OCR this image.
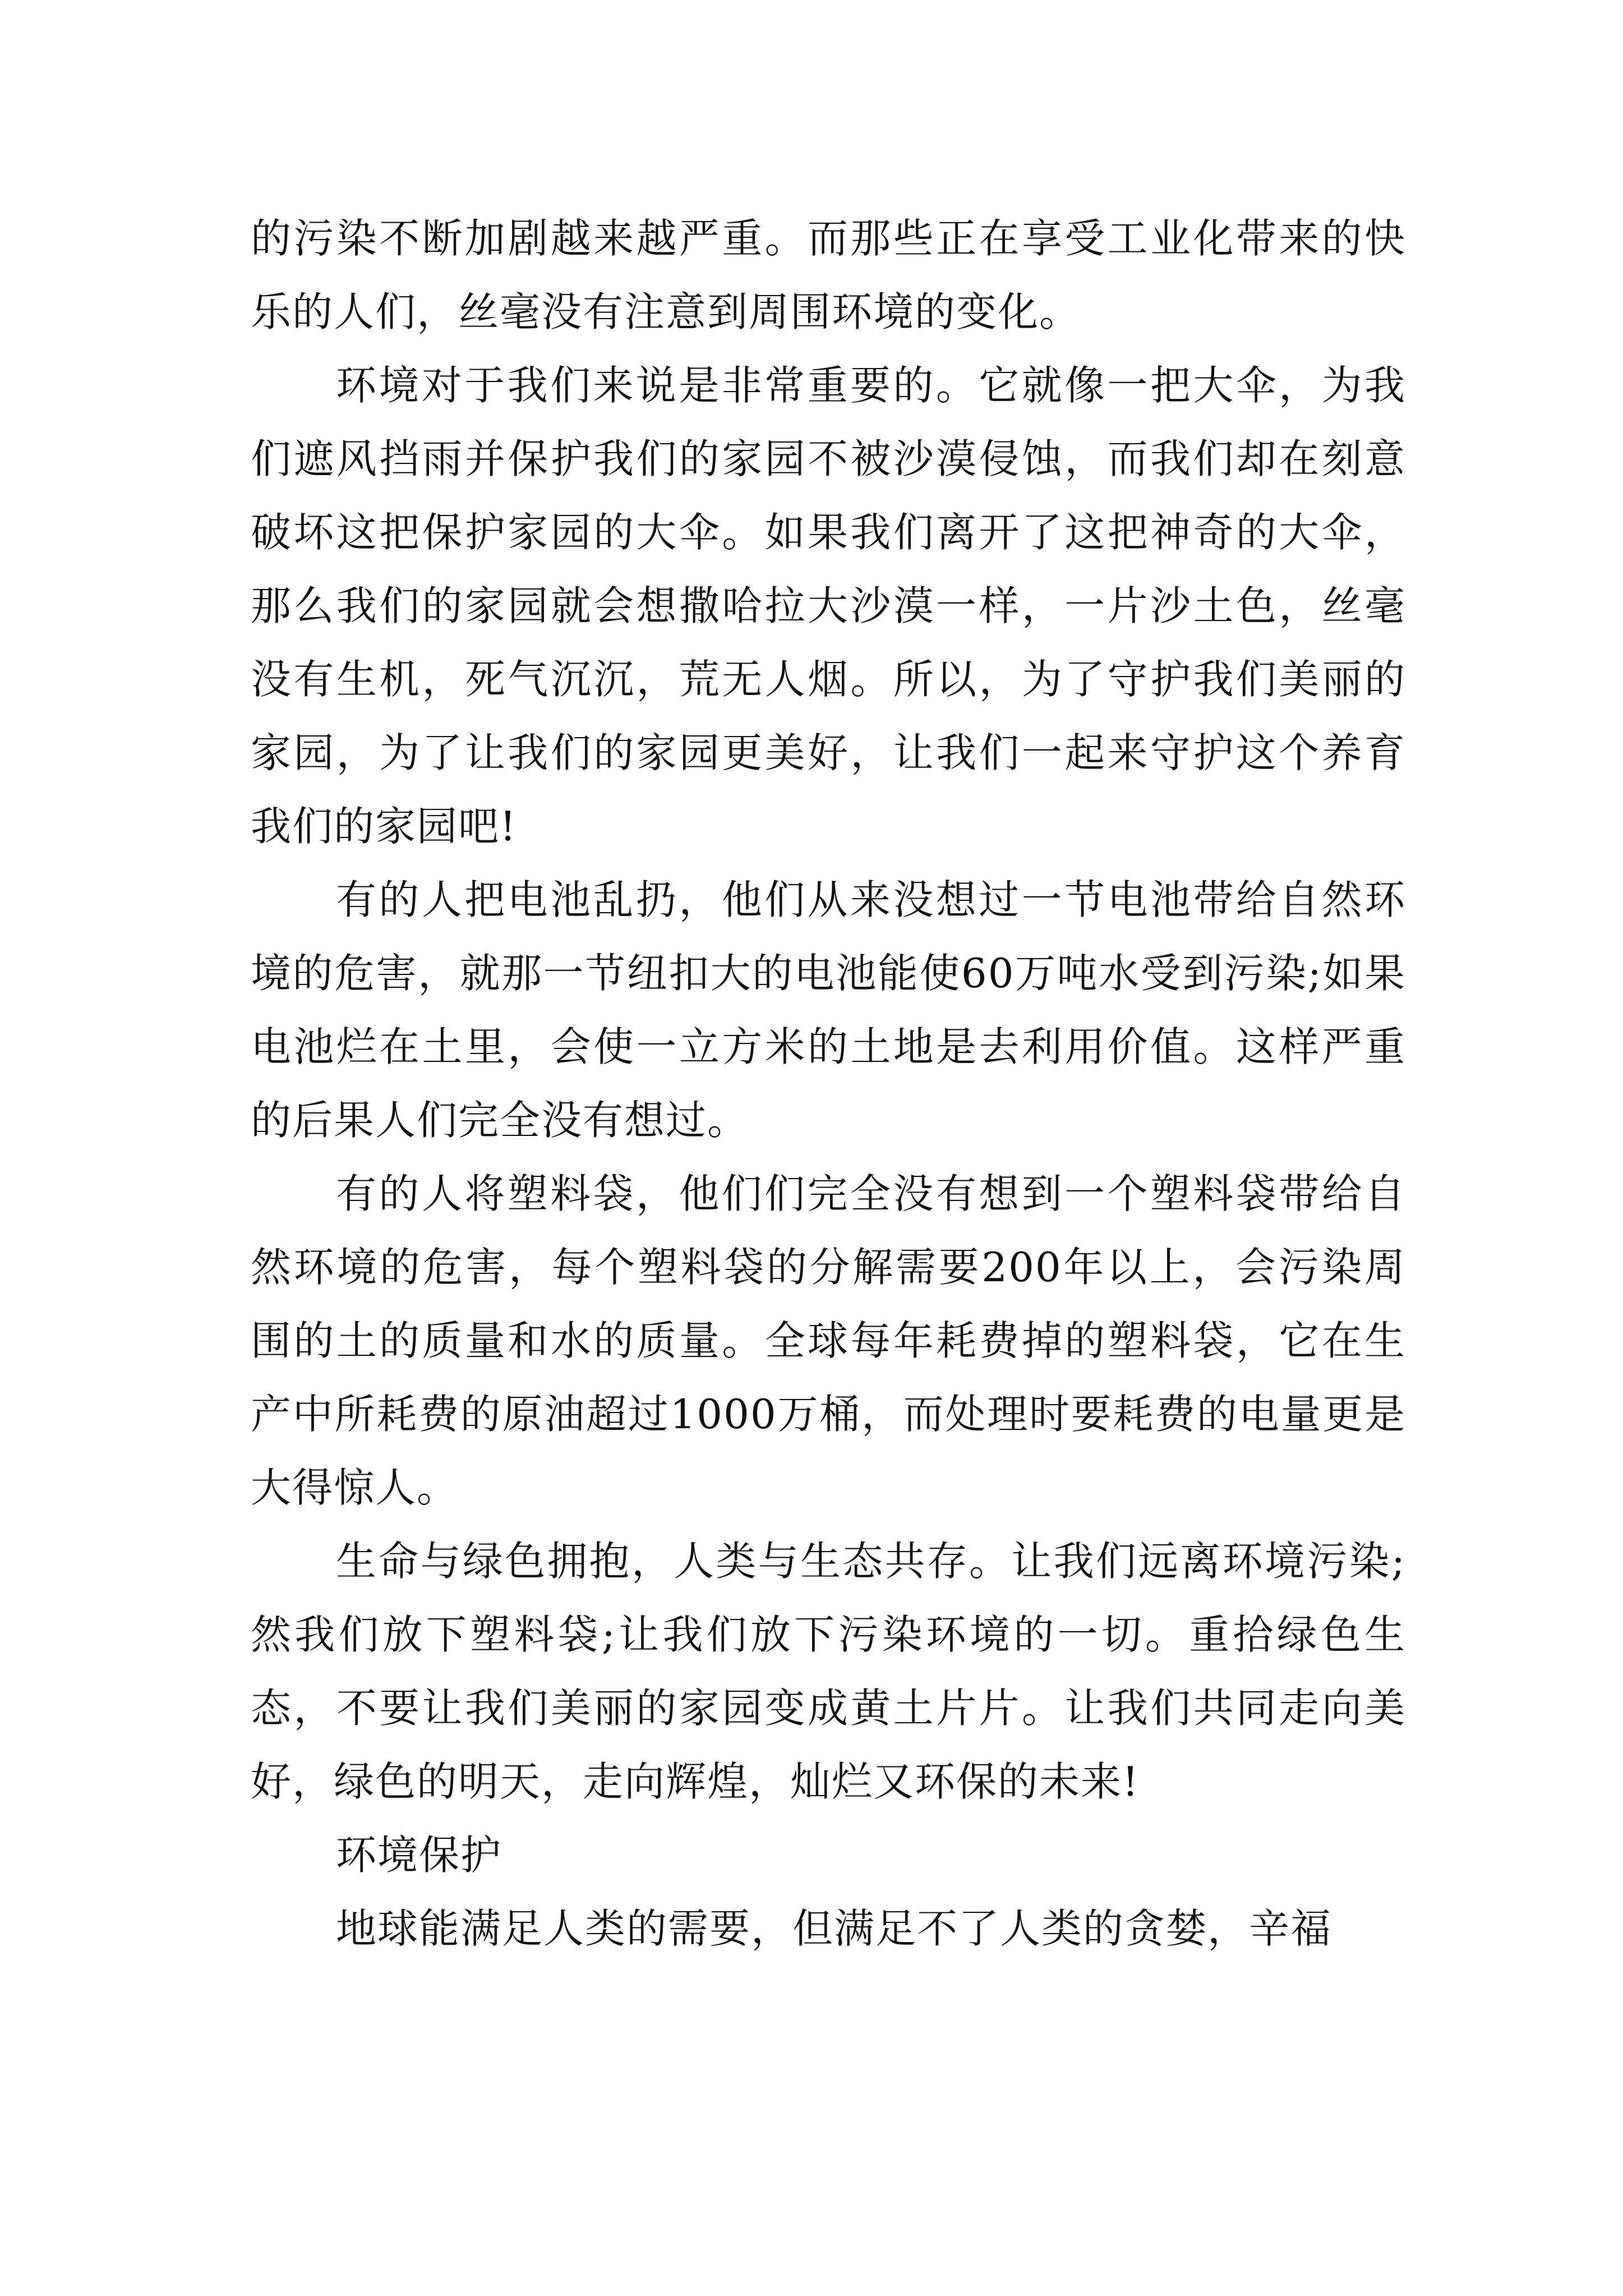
的污染不断加剧越来越严重。而那些正在享受工业化带来的快乐的人们，丝毫没有注意到周围环境的变化。

环境对于我们来说是非常重要的。它就像一把大伞，为我们遮风挡雨并保护我们的家园不被沙漠侵蚀，而我们却在刻意破坏这把保护家园的大伞。如果我们离开了这把神奇的大伞，那么我们的家园就会想撒哈拉大沙漠一样，一片沙土色，丝毫没有生机，死气沉沉，荒无人烟。所以，为了守护我们美丽的家园，为了让我们的家园更美好，让我们一起来守护这个养育我们的家园吧!

有的人把电池乱扔，他们从来没想过一节电池带给自然环境的危害，就那一节纽扣大的电池能使60万吨水受到污染;如果电池烂在土里，会使一立方米的土地是去利用价值。这样严重的后果人们完全没有想过。

有的人将塑料袋，他们们完全没有想到一个塑料袋带给自然环境的危害，每个塑料袋的分解需要200年以上，会污染周围的土的质量和水的质量。全球每年耗费掉的塑料袋，它在生产中所耗费的原油超过1000万桶，而处理时要耗费的电量更是大得惊人。

生命与绿色拥抱，人类与生态共存。让我们远离环境污染;然我们放下塑料袋;让我们放下污染环境的一切。重拾绿色生态，不要让我们美丽的家园变成黄土片片。让我们共同走向美好，绿色的明天，走向辉煌，灿烂又环保的未来!

环境保护

地球能满足人类的需要，但满足不了人类的贪婪，辛福
